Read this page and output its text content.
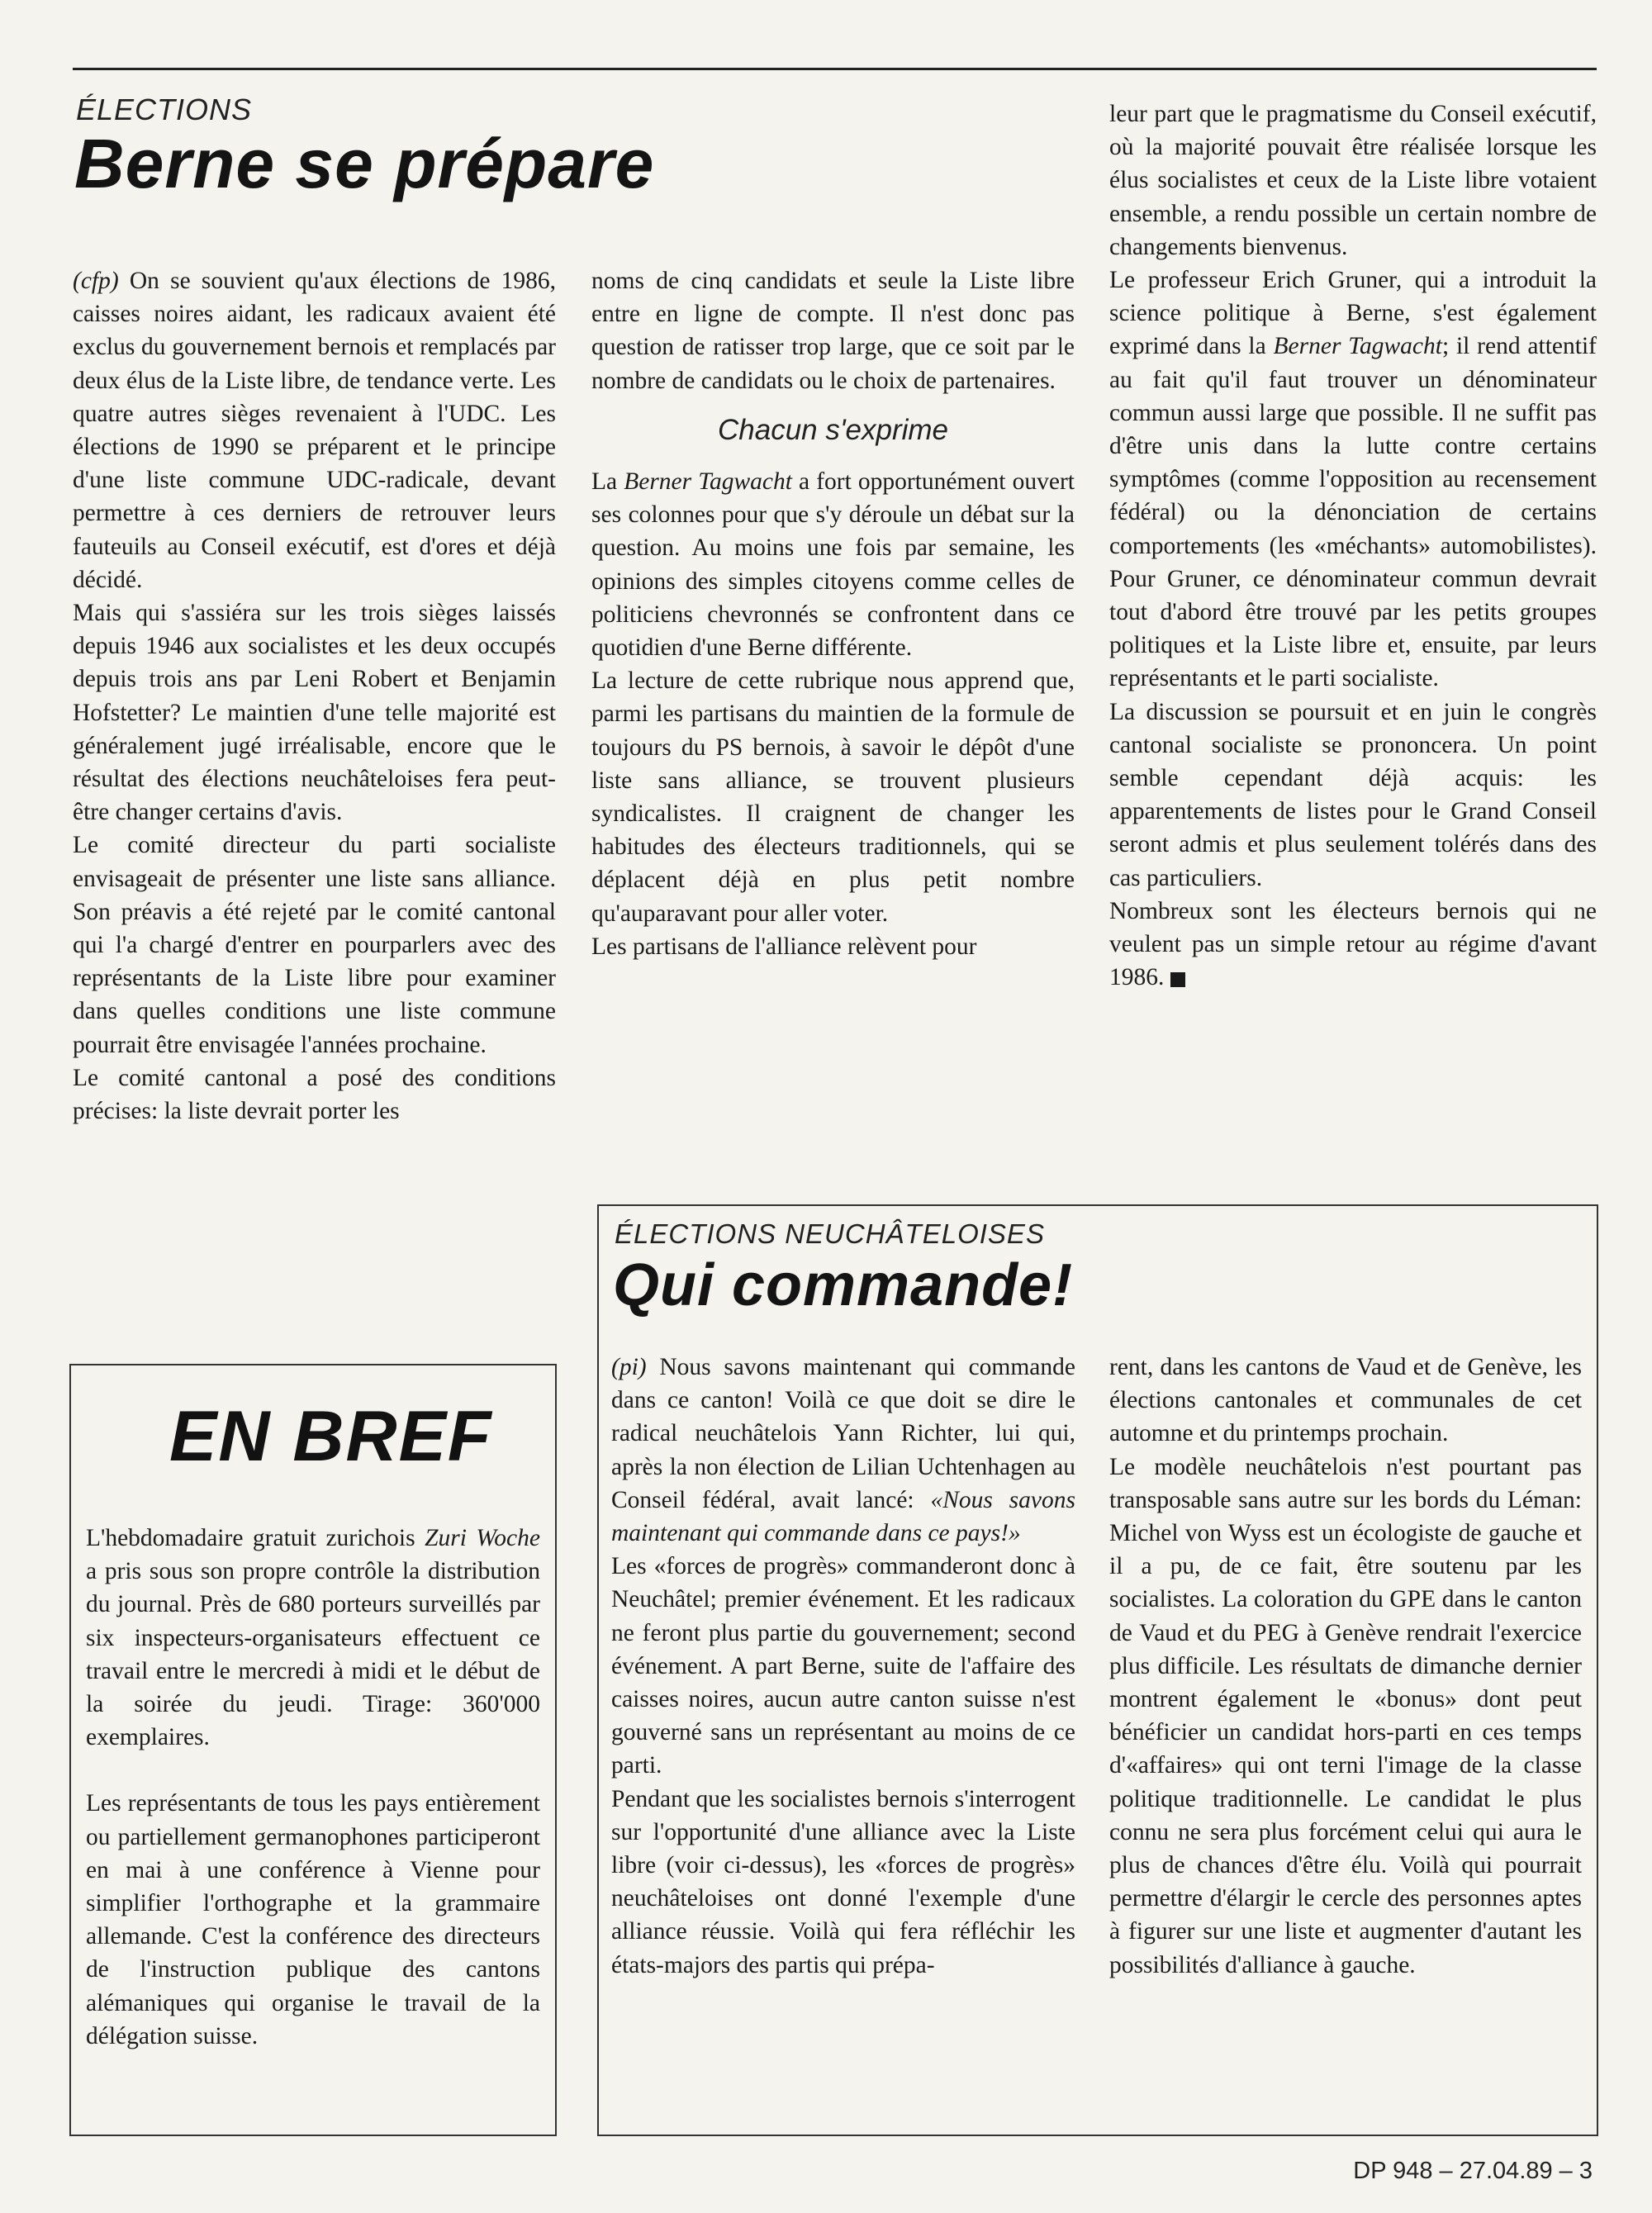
ÉLECTIONS
Berne se prépare

(cfp) On se souvient qu'aux élections de 1986, caisses noires aidant, les radicaux avaient été exclus du gouvernement bernois et remplacés par deux élus de la Liste libre, de tendance verte. Les quatre autres sièges revenaient à l'UDC. Les élections de 1990 se préparent et le principe d'une liste commune UDC-radicale, devant permettre à ces derniers de retrouver leurs fauteuils au Conseil exécutif, est d'ores et déjà décidé.

Mais qui s'assiéra sur les trois sièges laissés depuis 1946 aux socialistes et les deux occupés depuis trois ans par Leni Robert et Benjamin Hofstetter? Le maintien d'une telle majorité est généralement jugé irréalisable, encore que le résultat des élections neuchâteloises fera peut-être changer certains d'avis.

Le comité directeur du parti socialiste envisageait de présenter une liste sans alliance. Son préavis a été rejeté par le comité cantonal qui l'a chargé d'entrer en pourparlers avec des représentants de la Liste libre pour examiner dans quelles conditions une liste commune pourrait être envisagée l'années prochaine.

Le comité cantonal a posé des conditions précises: la liste devrait porter les

noms de cinq candidats et seule la Liste libre entre en ligne de compte. Il n'est donc pas question de ratisser trop large, que ce soit par le nombre de candidats ou le choix de partenaires.

Chacun s'exprime

La Berner Tagwacht a fort opportunément ouvert ses colonnes pour que s'y déroule un débat sur la question. Au moins une fois par semaine, les opinions des simples citoyens comme celles de politiciens chevronnés se confrontent dans ce quotidien d'une Berne différente.

La lecture de cette rubrique nous apprend que, parmi les partisans du maintien de la formule de toujours du PS bernois, à savoir le dépôt d'une liste sans alliance, se trouvent plusieurs syndicalistes. Il craignent de changer les habitudes des électeurs traditionnels, qui se déplacent déjà en plus petit nombre qu'auparavant pour aller voter.

Les partisans de l'alliance relèvent pour

leur part que le pragmatisme du Conseil exécutif, où la majorité pouvait être réalisée lorsque les élus socialistes et ceux de la Liste libre votaient ensemble, a rendu possible un certain nombre de changements bienvenus.

Le professeur Erich Gruner, qui a introduit la science politique à Berne, s'est également exprimé dans la Berner Tagwacht; il rend attentif au fait qu'il faut trouver un dénominateur commun aussi large que possible. Il ne suffit pas d'être unis dans la lutte contre certains symptômes (comme l'opposition au recensement fédéral) ou la dénonciation de certains comportements (les «méchants» automobilistes). Pour Gruner, ce dénominateur commun devrait tout d'abord être trouvé par les petits groupes politiques et la Liste libre et, ensuite, par leurs représentants et le parti socialiste.

La discussion se poursuit et en juin le congrès cantonal socialiste se prononcera. Un point semble cependant déjà acquis: les apparentements de listes pour le Grand Conseil seront admis et plus seulement tolérés dans des cas particuliers.

Nombreux sont les électeurs bernois qui ne veulent pas un simple retour au régime d'avant 1986.

EN BREF

L'hebdomadaire gratuit zurichois Zuri Woche a pris sous son propre contrôle la distribution du journal. Près de 680 porteurs surveillés par six inspecteurs-organisateurs effectuent ce travail entre le mercredi à midi et le début de la soirée du jeudi. Tirage: 360'000 exemplaires.

Les représentants de tous les pays entièrement ou partiellement germanophones participeront en mai à une conférence à Vienne pour simplifier l'orthographe et la grammaire allemande. C'est la conférence des directeurs de l'instruction publique des cantons alémaniques qui organise le travail de la délégation suisse.

ÉLECTIONS NEUCHÂTELOISES
Qui commande!

(pi) Nous savons maintenant qui commande dans ce canton! Voilà ce que doit se dire le radical neuchâtelois Yann Richter, lui qui, après la non élection de Lilian Uchtenhagen au Conseil fédéral, avait lancé: «Nous savons maintenant qui commande dans ce pays!»

Les «forces de progrès» commanderont donc à Neuchâtel; premier événement. Et les radicaux ne feront plus partie du gouvernement; second événement. A part Berne, suite de l'affaire des caisses noires, aucun autre canton suisse n'est gouverné sans un représentant au moins de ce parti.

Pendant que les socialistes bernois s'interrogent sur l'opportunité d'une alliance avec la Liste libre (voir ci-dessus), les «forces de progrès» neuchâteloises ont donné l'exemple d'une alliance réussie. Voilà qui fera réfléchir les états-majors des partis qui prépa-

rent, dans les cantons de Vaud et de Genève, les élections cantonales et communales de cet automne et du printemps prochain.

Le modèle neuchâtelois n'est pourtant pas transposable sans autre sur les bords du Léman: Michel von Wyss est un écologiste de gauche et il a pu, de ce fait, être soutenu par les socialistes. La coloration du GPE dans le canton de Vaud et du PEG à Genève rendrait l'exercice plus difficile. Les résultats de dimanche dernier montrent également le «bonus» dont peut bénéficier un candidat hors-parti en ces temps d'«affaires» qui ont terni l'image de la classe politique traditionnelle. Le candidat le plus connu ne sera plus forcément celui qui aura le plus de chances d'être élu. Voilà qui pourrait permettre d'élargir le cercle des personnes aptes à figurer sur une liste et augmenter d'autant les possibilités d'alliance à gauche.

DP 948 – 27.04.89 – 3
